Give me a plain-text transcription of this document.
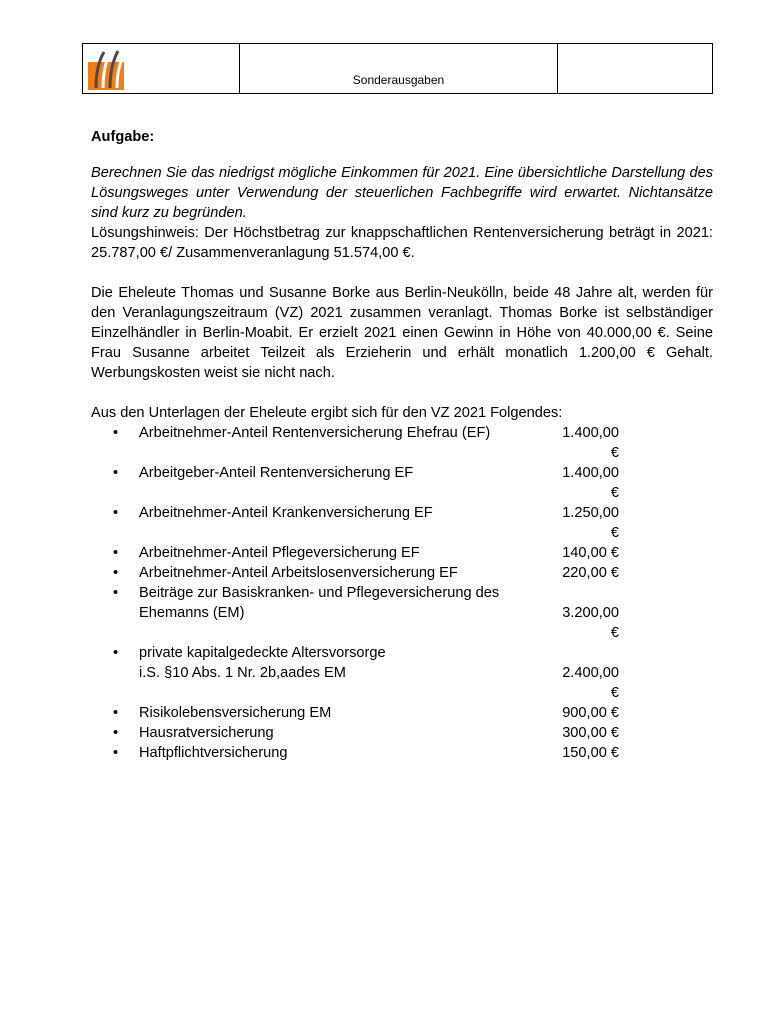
Sonderausgaben

Aufgabe:

Berechnen Sie das niedrigst mögliche Einkommen für 2021. Eine übersichtliche Darstellung des Lösungsweges unter Verwendung der steuerlichen Fachbegriffe wird erwartet. Nichtansätze sind kurz zu begründen.

Lösungshinweis: Der Höchstbetrag zur knappschaftlichen Rentenversicherung beträgt in 2021: 25.787,00 €/ Zusammenveranlagung 51.574,00 €.

Die Eheleute Thomas und Susanne Borke aus Berlin-Neukölln, beide 48 Jahre alt, werden für den Veranlagungszeitraum (VZ) 2021 zusammen veranlagt. Thomas Borke ist selbständiger Einzelhändler in Berlin-Moabit. Er erzielt 2021 einen Gewinn in Höhe von 40.000,00 €. Seine Frau Susanne arbeitet Teilzeit als Erzieherin und erhält monatlich 1.200,00 € Gehalt. Werbungskosten weist sie nicht nach.

Aus den Unterlagen der Eheleute ergibt sich für den VZ 2021 Folgendes:

•
Arbeitnehmer-Anteil Rentenversicherung Ehefrau (EF)	1.400,00 €
•
Arbeitgeber-Anteil Rentenversicherung EF	1.400,00 €
•
Arbeitnehmer-Anteil Krankenversicherung EF	1.250,00 €
•
Arbeitnehmer-Anteil Pflegeversicherung EF	140,00 €
•
Arbeitnehmer-Anteil Arbeitslosenversicherung EF	220,00 €
•
Beiträge zur Basiskranken- und Pflegeversicherung des
Ehemanns (EM)	3.200,00 €
•
private kapitalgedeckte Altersvorsorge
i.S. §10 Abs. 1 Nr. 2b,aades EM	2.400,00 €
•
Risikolebensversicherung EM	900,00 €
•
Hausratversicherung	300,00 €
•
Haftpflichtversicherung	150,00 €
